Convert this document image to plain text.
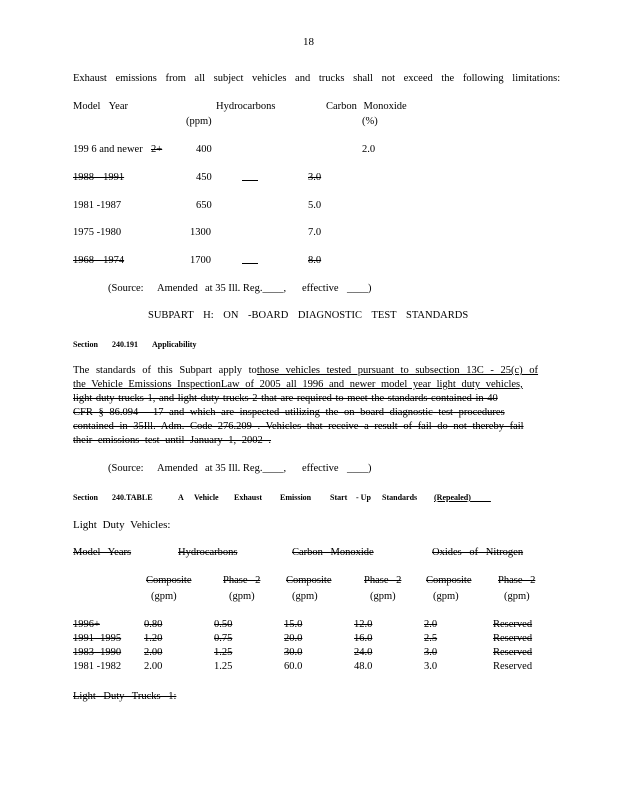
18
Exhaust emissions from all subject vehicles and trucks shall not exceed the following limitations:
Model Year	Hydrocarbons
(ppm)
Carbon Monoxide
(%)
199 6 and newer 2+	400	2.0
1988 -1991	450	3.0
1981 -1987	650	5.0
1975 -1980	1300	7.0
1968 -1974	1700	8.0
(Source: Amended at 35 Ill. Reg.____, effective ____)
SUBPART H: ON -BOARD DIAGNOSTIC TEST STANDARDS
Section 240.191 Applicability
The standards of this Subpart apply tothose vehicles tested pursuant to subsection 13C - 25(c) of
the Vehicle Emissions InspectionLaw of 2005 all 1996 and newer model year light duty vehicles,
light duty trucks 1, and light duty trucks 2 that are required to meet the standards contained in 40
CFR § 86.094 - 17 and which are inspected utilizing the on board diagnostic test procedures
contained in 35Ill. Adm. Code 276.209 . Vehicles that receive a result of fail do not thereby fail
their emissions test until January 1, 2002 .
(Source: Amended at 35 Ill. Reg.____, effective ____)
Section 240.TABLE	A Vehicle Exhaust Emission Start - Up Standards (Repealed)
Light Duty Vehicles:
Model Years	Hydrocarbons	Carbon Monoxide	Oxides of Nitrogen
Composite	Phase 2 Composite	Phase 2 Composite	Phase 2
(gpm)	(gpm)	(gpm)	(gpm)	(gpm)	(gpm)
1996+	0.80	0.50	15.0	12.0	2.0	Reserved
1991 -1995 1.20	0.75	20.0	16.0	2.5	Reserved
1983 -1990 2.00	1.25	30.0	24.0	3.0	Reserved
1981 -1982 2.00	1.25	60.0	48.0	3.0	Reserved
Light Duty Trucks 1:
